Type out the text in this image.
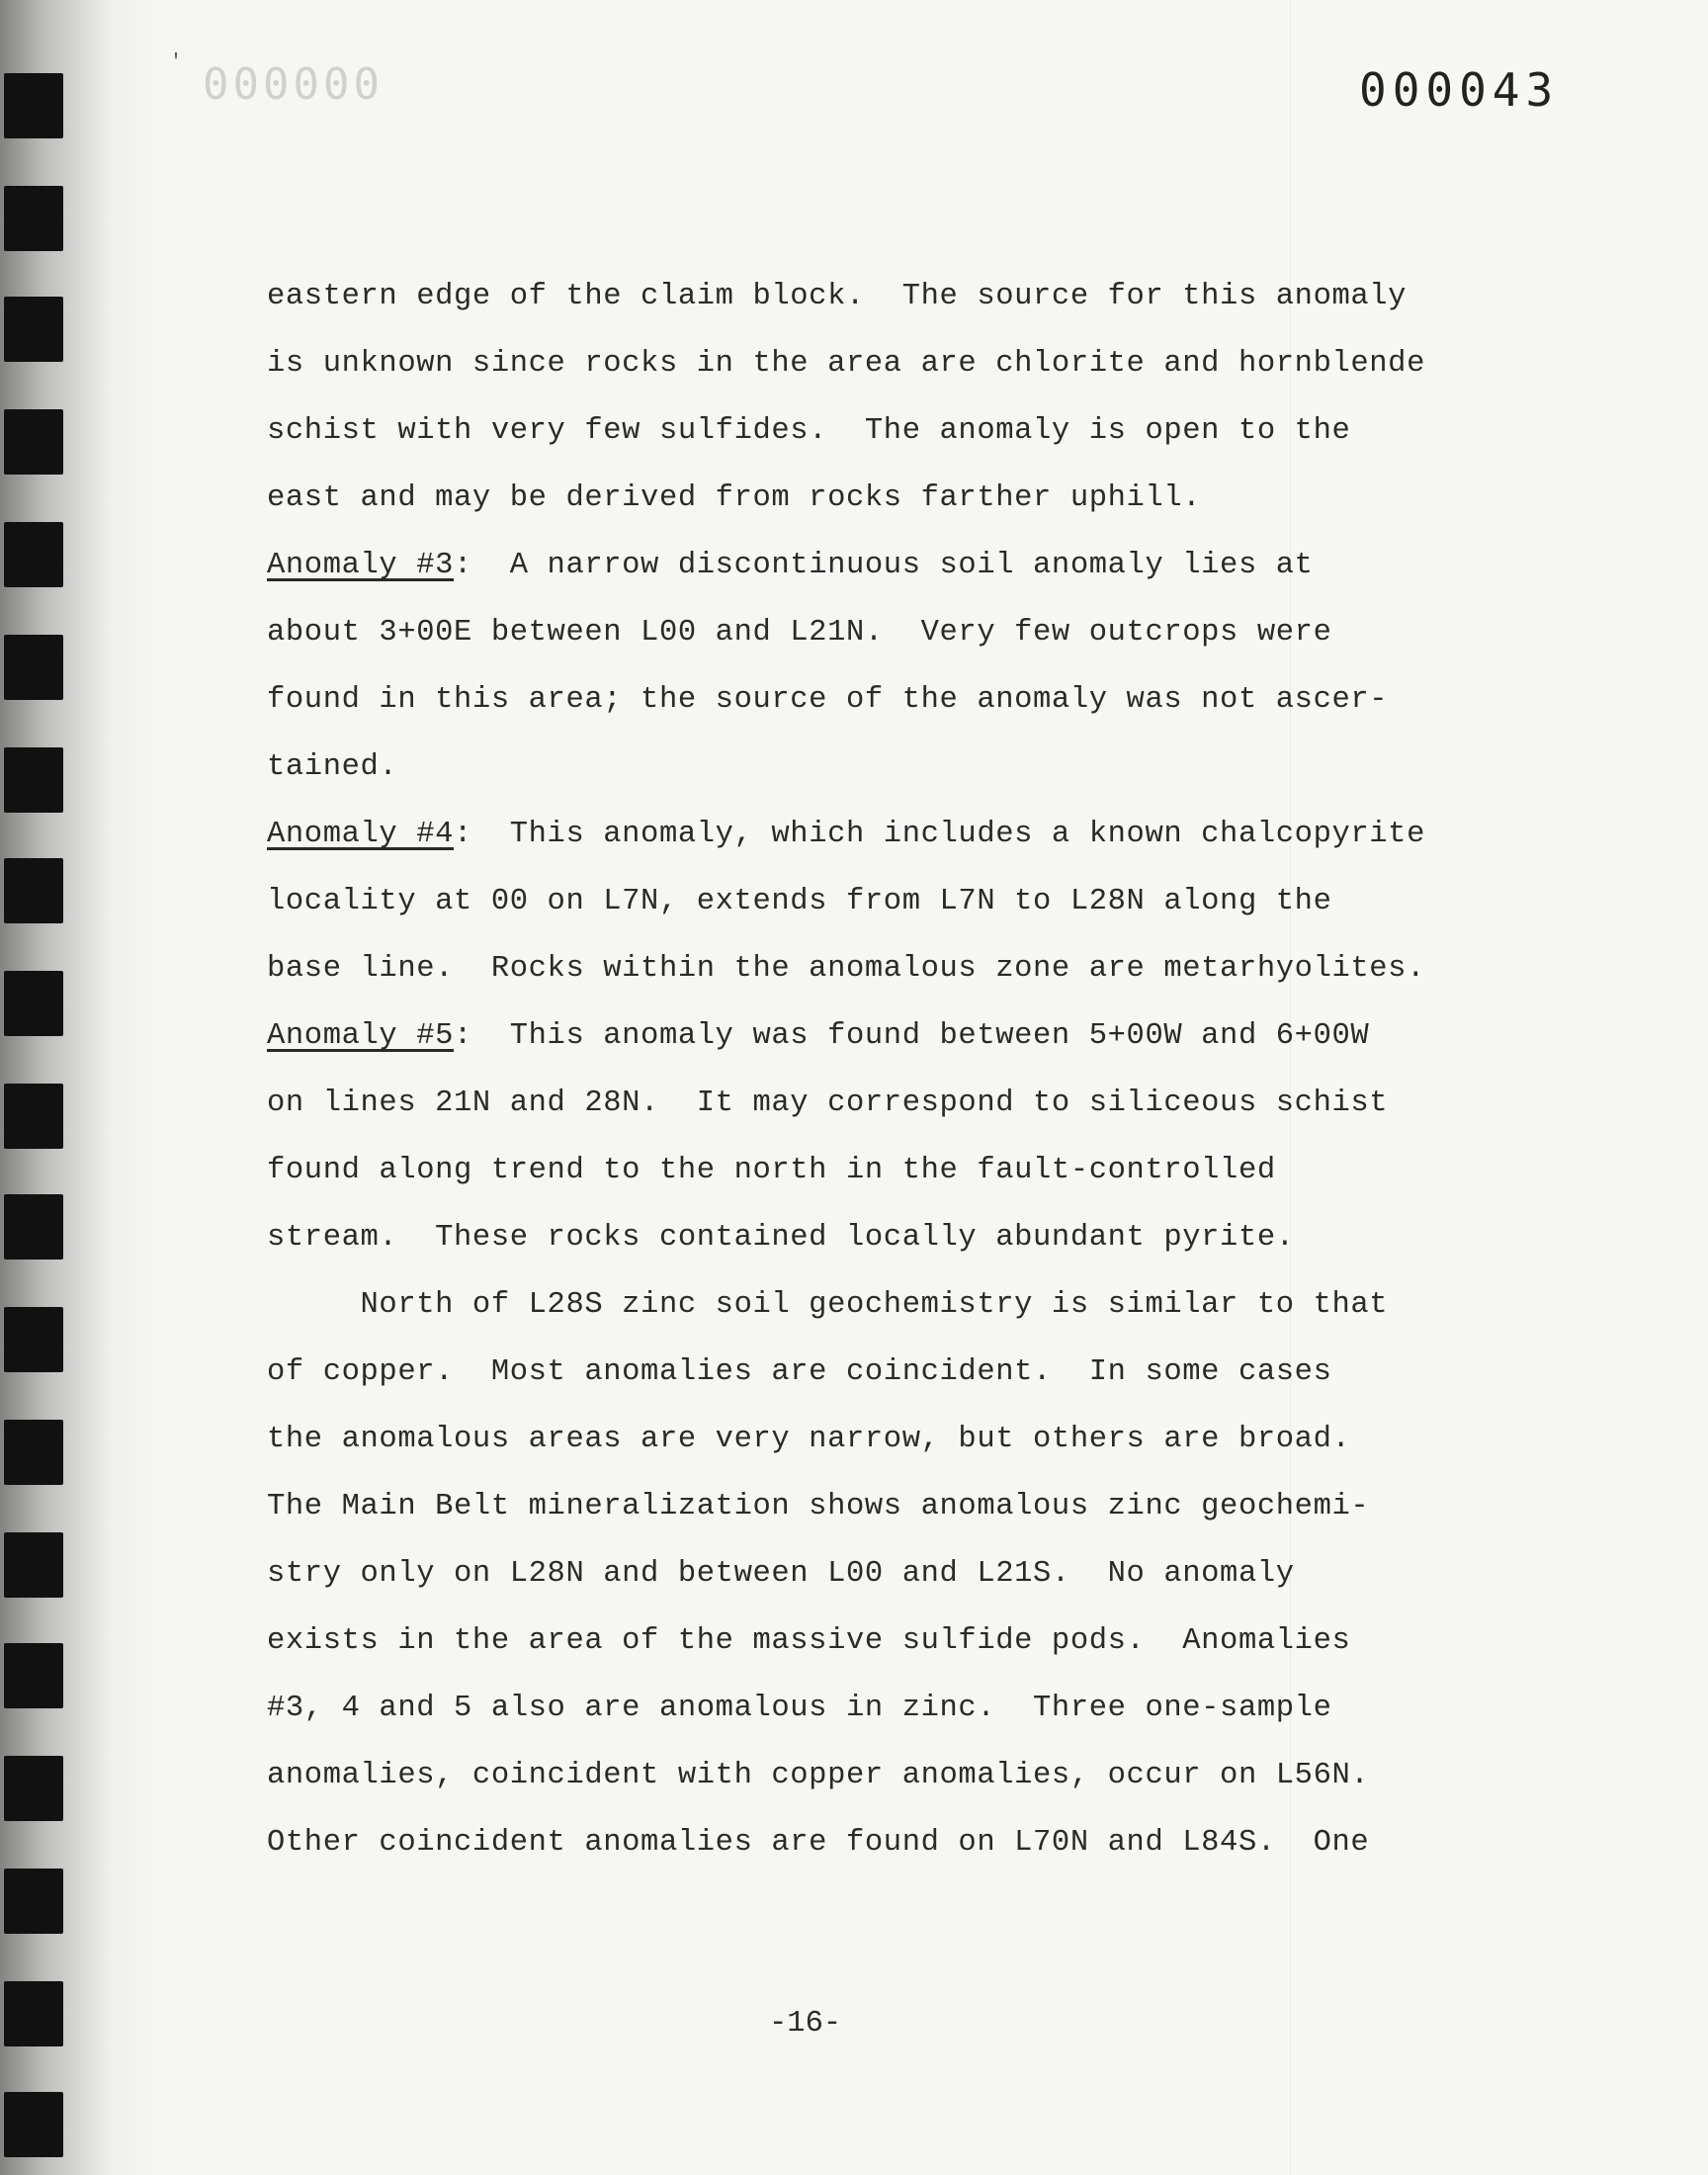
' 000000	000043
eastern edge of the claim block.  The source for this anomaly
is unknown since rocks in the area are chlorite and hornblende
schist with very few sulfides.  The anomaly is open to the
east and may be derived from rocks farther uphill.
Anomaly #3:  A narrow discontinuous soil anomaly lies at
about 3+00E between L00 and L21N.  Very few outcrops were
found in this area; the source of the anomaly was not ascer-
tained.
Anomaly #4:  This anomaly, which includes a known chalcopyrite
locality at 00 on L7N, extends from L7N to L28N along the
base line.  Rocks within the anomalous zone are metarhyolites.
Anomaly #5:  This anomaly was found between 5+00W and 6+00W
on lines 21N and 28N.  It may correspond to siliceous schist
found along trend to the north in the fault-controlled
stream.  These rocks contained locally abundant pyrite.
North of L28S zinc soil geochemistry is similar to that
of copper.  Most anomalies are coincident.  In some cases
the anomalous areas are very narrow, but others are broad.
The Main Belt mineralization shows anomalous zinc geochemi-
stry only on L28N and between L00 and L21S.  No anomaly
exists in the area of the massive sulfide pods.  Anomalies
#3, 4 and 5 also are anomalous in zinc.  Three one-sample
anomalies, coincident with copper anomalies, occur on L56N.
Other coincident anomalies are found on L70N and L84S.  One
-16-
